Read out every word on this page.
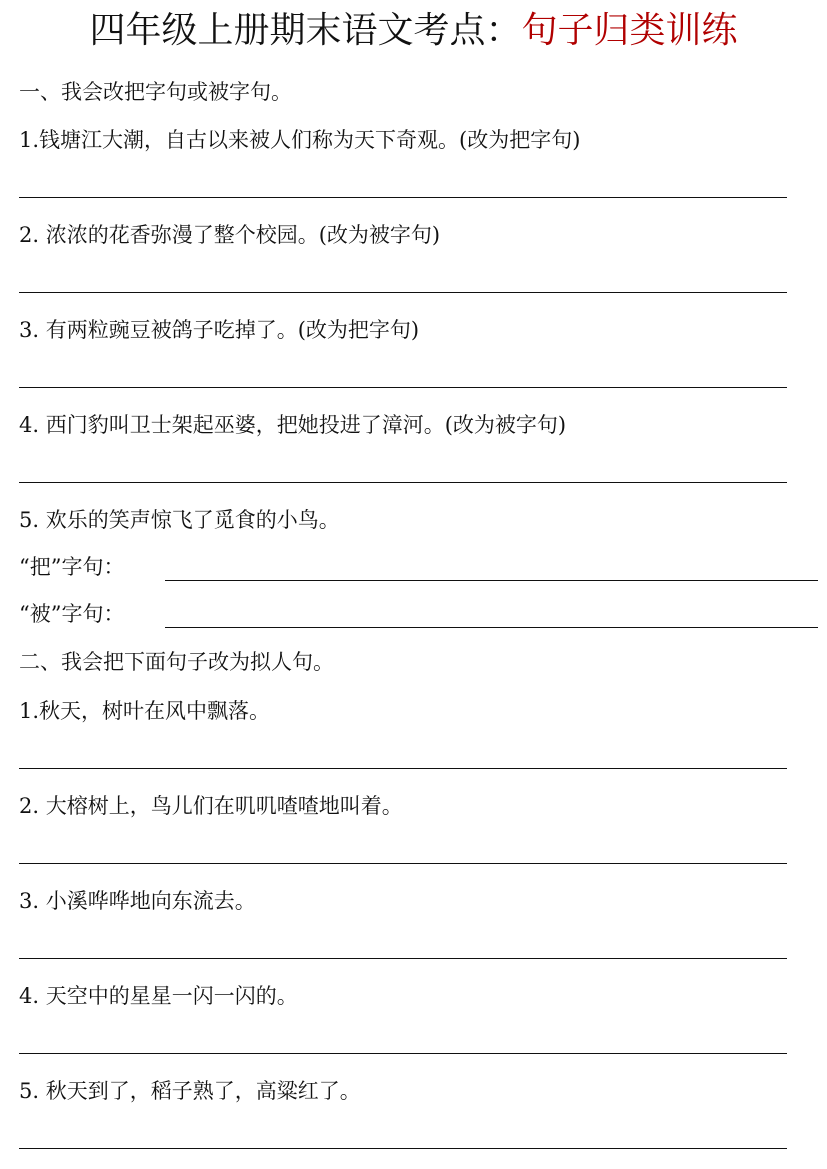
四年级上册期末语文考点：句子归类训练
一、我会改把字句或被字句。
1.钱塘江大潮，自古以来被人们称为天下奇观。(改为把字句)
2. 浓浓的花香弥漫了整个校园。(改为被字句)
3. 有两粒豌豆被鸽子吃掉了。(改为把字句)
4. 西门豹叫卫士架起巫婆，把她投进了漳河。(改为被字句)
5. 欢乐的笑声惊飞了觅食的小鸟。
“把”字句：
“被”字句：
二、我会把下面句子改为拟人句。
1.秋天，树叶在风中飘落。
2. 大榕树上，鸟儿们在叽叽喳喳地叫着。
3. 小溪哗哗地向东流去。
4. 天空中的星星一闪一闪的。
5. 秋天到了，稻子熟了，高粱红了。
